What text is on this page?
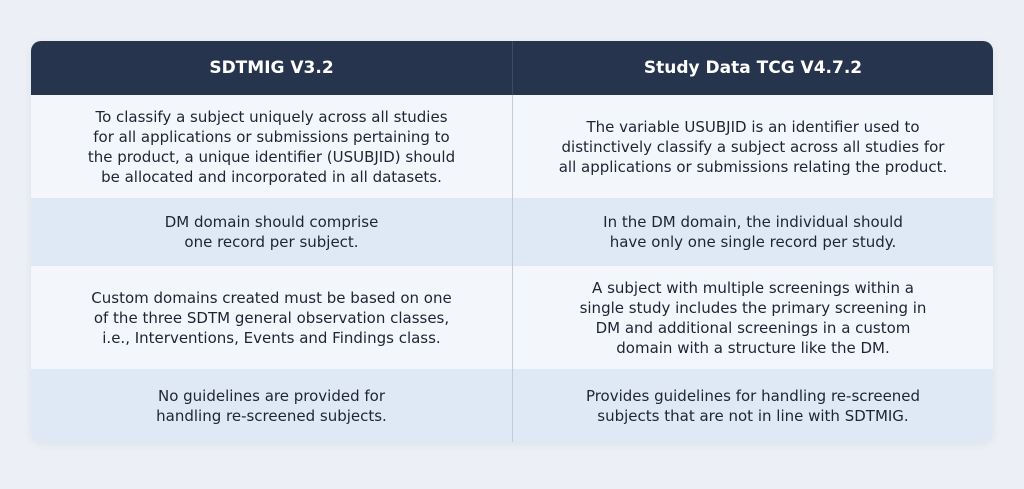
SDTMIG V3.2	Study Data TCG V4.7.2
To classify a subject uniquely across all studies
for all applications or submissions pertaining to
the product, a unique identifier (USUBJID) should
be allocated and incorporated in all datasets.
The variable USUBJID is an identifier used to
distinctively classify a subject across all studies for
all applications or submissions relating the product.
DM domain should comprise
one record per subject.
In the DM domain, the individual should
have only one single record per study.
Custom domains created must be based on one
of the three SDTM general observation classes,
i.e., Interventions, Events and Findings class.
A subject with multiple screenings within a
single study includes the primary screening in
DM and additional screenings in a custom
domain with a structure like the DM.
No guidelines are provided for
handling re-screened subjects.
Provides guidelines for handling re-screened
subjects that are not in line with SDTMIG.
